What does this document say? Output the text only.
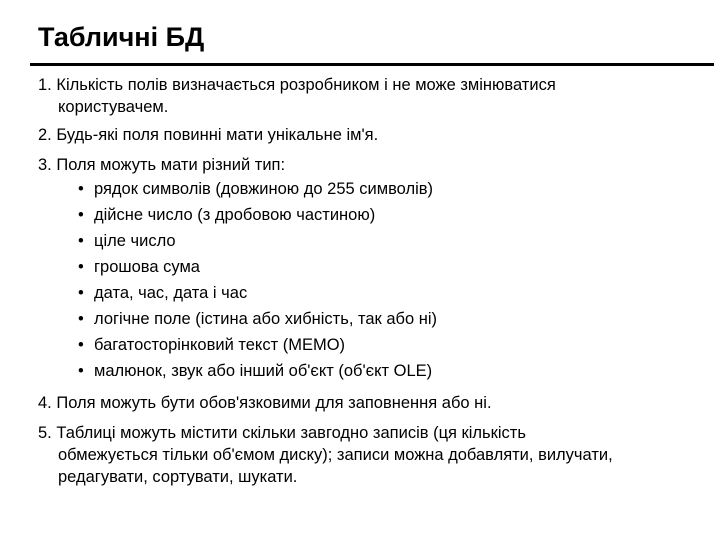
Табличні БД

1. Кількість полів визначається розробником і не може змінюватися
користувачем.

2. Будь-які поля повинні мати унікальне ім'я.

3. Поля можуть мати різний тип:

• рядок символів (довжиною до 255 символів)
• дійсне число (з дробовою частиною)
• ціле число
• грошова сума
• дата, час, дата і час
• логічне поле (істина або хибність, так або ні)
• багатосторінковий текст (МЕМО)
• малюнок, звук або інший об'єкт (об'єкт OLE)

4. Поля можуть бути обов'язковими для заповнення або ні.

5. Таблиці можуть містити скільки завгодно записів (ця кількість
обмежується тільки об'ємом диску); записи можна добавляти, вилучати,
редагувати, сортувати, шукати.
